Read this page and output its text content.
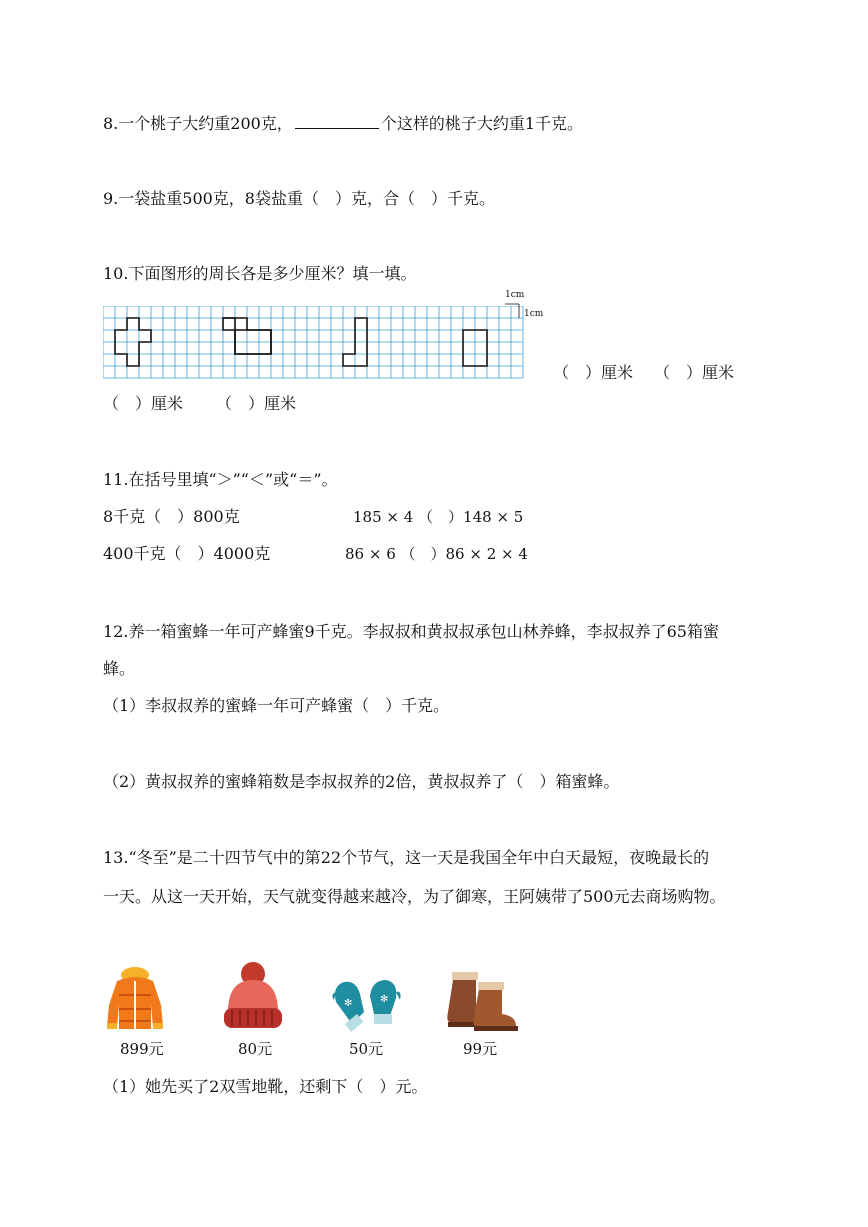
8.一个桃子大约重200克，	个这样的桃子大约重1千克。
9.一袋盐重500克，8袋盐重（　）克，合（　）千克。
10.下面图形的周长各是多少厘米？填一填。
1cm
1cm
（　）厘米 （　）厘米
（　）厘米 （　）厘米
11.在括号里填“＞”“＜”或“＝”。
8千克（　）800克	185 × 4 （　）148 × 5
400千克（　）4000克	86 × 6 （　）86 × 2 × 4
12.养一箱蜜蜂一年可产蜂蜜9千克。李叔叔和黄叔叔承包山林养蜂，李叔叔养了65箱蜜
蜂。
（1）李叔叔养的蜜蜂一年可产蜂蜜（　）千克。
（2）黄叔叔养的蜜蜂箱数是李叔叔养的2倍，黄叔叔养了（　）箱蜜蜂。
13.“冬至”是二十四节气中的第22个节气，这一天是我国全年中白天最短，夜晚最长的
一天。从这一天开始，天气就变得越来越冷，为了御寒，王阿姨带了500元去商场购物。
899元	80元
✻	✻
50元	99元
（1）她先买了2双雪地靴，还剩下（　）元。
